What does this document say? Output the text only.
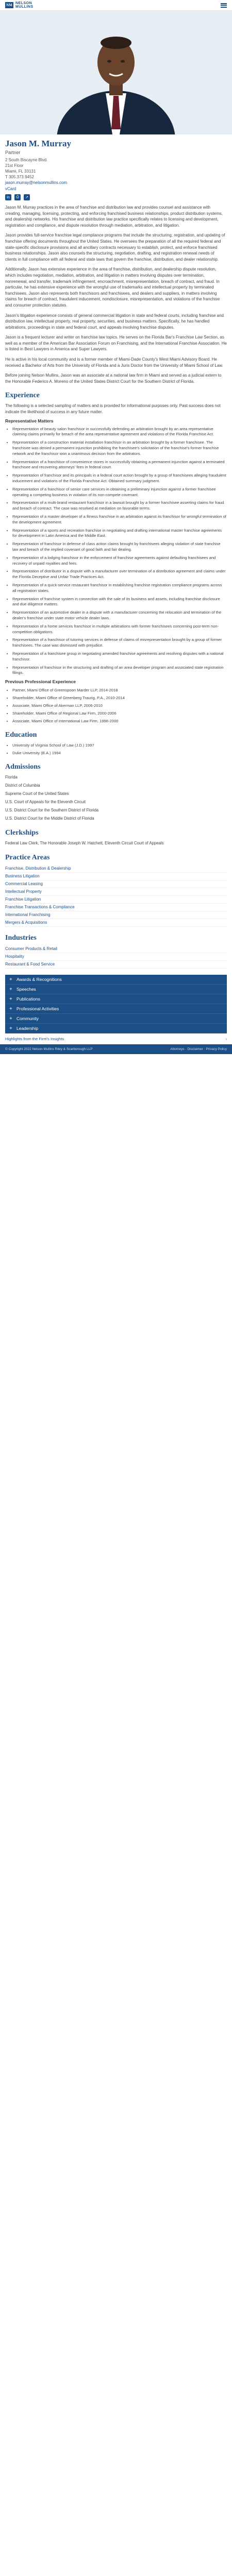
NM NELSON
MULLINS
Jason M. Murray
Partner
2 South Biscayne Blvd.
21st Floor
Miami, FL 33131
T 305.373.9452
jason.murray@nelsonmullins.com
vCard
in	⎙	↗

Jason M. Murray practices in the area of franchise and distribution law and provides counsel and assistance with creating, managing, licensing, protecting, and enforcing franchised business relationships, product distribution systems, and dealership networks. His franchise and distribution law practice specifically relates to licensing and development, registration and compliance, and dispute resolution through mediation, arbitration, and litigation.

Jason provides full-service franchise legal compliance programs that include the structuring, registration, and updating of franchise offering documents throughout the United States. He oversees the preparation of all the required federal and state-specific disclosure provisions and all ancillary contracts necessary to establish, protect, and enforce franchised business relationships. Jason also counsels the structuring, negotiation, drafting, and registration renewal needs of clients in full compliance with all federal and state laws that govern the franchise, distribution, and dealer relationship.

Additionally, Jason has extensive experience in the area of franchise, distribution, and dealership dispute resolution, which includes negotiation, mediation, arbitration, and litigation in matters involving disputes over termination, nonrenewal, and transfer, trademark infringement, encroachment, misrepresentation, breach of contract, and fraud. In particular, he has extensive experience with the wrongful use of trademarks and intellectual property by terminated franchisees. Jason also represents both franchisors and franchisees, and dealers and suppliers, in matters involving claims for breach of contract, fraudulent inducement, nondisclosure, misrepresentation, and violations of the franchise and consumer protection statutes.

Jason's litigation experience consists of general commercial litigation in state and federal courts, including franchise and distribution law, intellectual property, real property, securities, and business matters. Specifically, he has handled arbitrations, proceedings in state and federal court, and appeals involving franchise disputes.

Jason is a frequent lecturer and writer on franchise law topics. He serves on the Florida Bar's Franchise Law Section, as well as a member of the American Bar Association Forum on Franchising, and the International Franchise Association. He is listed in Best Lawyers in America and Super Lawyers.

He is active in his local community and is a former member of Miami-Dade County's West Miami Advisory Board. He received a Bachelor of Arts from the University of Florida and a Juris Doctor from the University of Miami School of Law.

Before joining Nelson Mullins, Jason was an associate at a national law firm in Miami and served as a judicial extern to the Honorable Federico A. Moreno of the United States District Court for the Southern District of Florida.

Experience

The following is a selected sampling of matters and is provided for informational purposes only. Past success does not indicate the likelihood of success in any future matter.

Representative Matters
• Representation of beauty salon franchisor in successfully defending an arbitration brought by an area representative claiming claims primarily for breach of the area representative agreement and violations of the Florida Franchise Act.
• Representation of a construction material installation franchisor in an arbitration brought by a former franchisee. The franchisee was denied a permanent injunction prohibiting the franchisee's solicitation of the franchise's former franchise network and the franchisor won a unanimous decision from the arbitrators.
• Representation of a franchisor of convenience stores in successfully obtaining a permanent injunction against a terminated franchisee and recovering attorneys' fees in federal court.
• Representation of franchisor and its principals in a federal court action brought by a group of franchisees alleging fraudulent inducement and violations of the Florida Franchise Act. Obtained summary judgment.
• Representation of a franchisor of senior care services in obtaining a preliminary injunction against a former franchisee operating a competing business in violation of its non-compete covenant.
• Representation of a multi-brand restaurant franchisor in a lawsuit brought by a former franchisee asserting claims for fraud and breach of contract. The case was resolved at mediation on favorable terms.
• Representation of a master developer of a fitness franchise in an arbitration against its franchisor for wrongful termination of the development agreement.
• Representation of a sports and recreation franchise in negotiating and drafting international master franchise agreements for development in Latin America and the Middle East.
• Representation of franchisor in defense of class action claims brought by franchisees alleging violation of state franchise law and breach of the implied covenant of good faith and fair dealing.
• Representation of a lodging franchisor in the enforcement of franchise agreements against defaulting franchisees and recovery of unpaid royalties and fees.
• Representation of distributor in a dispute with a manufacturer over termination of a distribution agreement and claims under the Florida Deceptive and Unfair Trade Practices Act.
• Representation of a quick-service restaurant franchisor in establishing franchise registration compliance programs across all registration states.
• Representation of franchise system in connection with the sale of its business and assets, including franchise disclosure and due diligence matters.
• Representation of an automotive dealer in a dispute with a manufacturer concerning the relocation and termination of the dealer's franchise under state motor vehicle dealer laws.
• Representation of a home services franchisor in multiple arbitrations with former franchisees concerning post-term non-competition obligations.
• Representation of a franchisor of tutoring services in defense of claims of misrepresentation brought by a group of former franchisees. The case was dismissed with prejudice.
• Representation of a franchisee group in negotiating amended franchise agreements and resolving disputes with a national franchisor.
• Representation of franchisor in the structuring and drafting of an area developer program and associated state registration filings.
Previous Professional Experience
• Partner, Miami Office of Greenspoon Marder LLP, 2014-2018
• Shareholder, Miami Office of Greenberg Traurig, P.A., 2010-2014
• Associate, Miami Office of Akerman LLP, 2006-2010
• Shareholder, Miami Office of Regional Law Firm, 2000-2006
• Associate, Miami Office of International Law Firm, 1998-2000
Education
• University of Virginia School of Law (J.D.) 1997
• Duke University (B.A.) 1994
Admissions
Florida
District of Columbia
Supreme Court of the United States
U.S. Court of Appeals for the Eleventh Circuit
U.S. District Court for the Southern District of Florida
U.S. District Court for the Middle District of Florida
Clerkships
Federal Law Clerk, The Honorable Joseph W. Hatchett, Eleventh Circuit Court of Appeals
Practice Areas
Franchise, Distribution & Dealership
Business Litigation
Commercial Leasing
Intellectual Property
Franchise Litigation
Franchise Transactions & Compliance
International Franchising
Mergers & Acquisitions
Industries
Consumer Products & Retail
Hospitality
Restaurant & Food Service
+ Awards & Recognitions
+ Speeches
+ Publications
+ Professional Activities
+ Community
+ Leadership
Highlights from the Firm's Insights	›
© Copyright 2022 Nelson Mullins Riley & Scarborough LLP	Attorneys · Disclaimer · Privacy Policy
